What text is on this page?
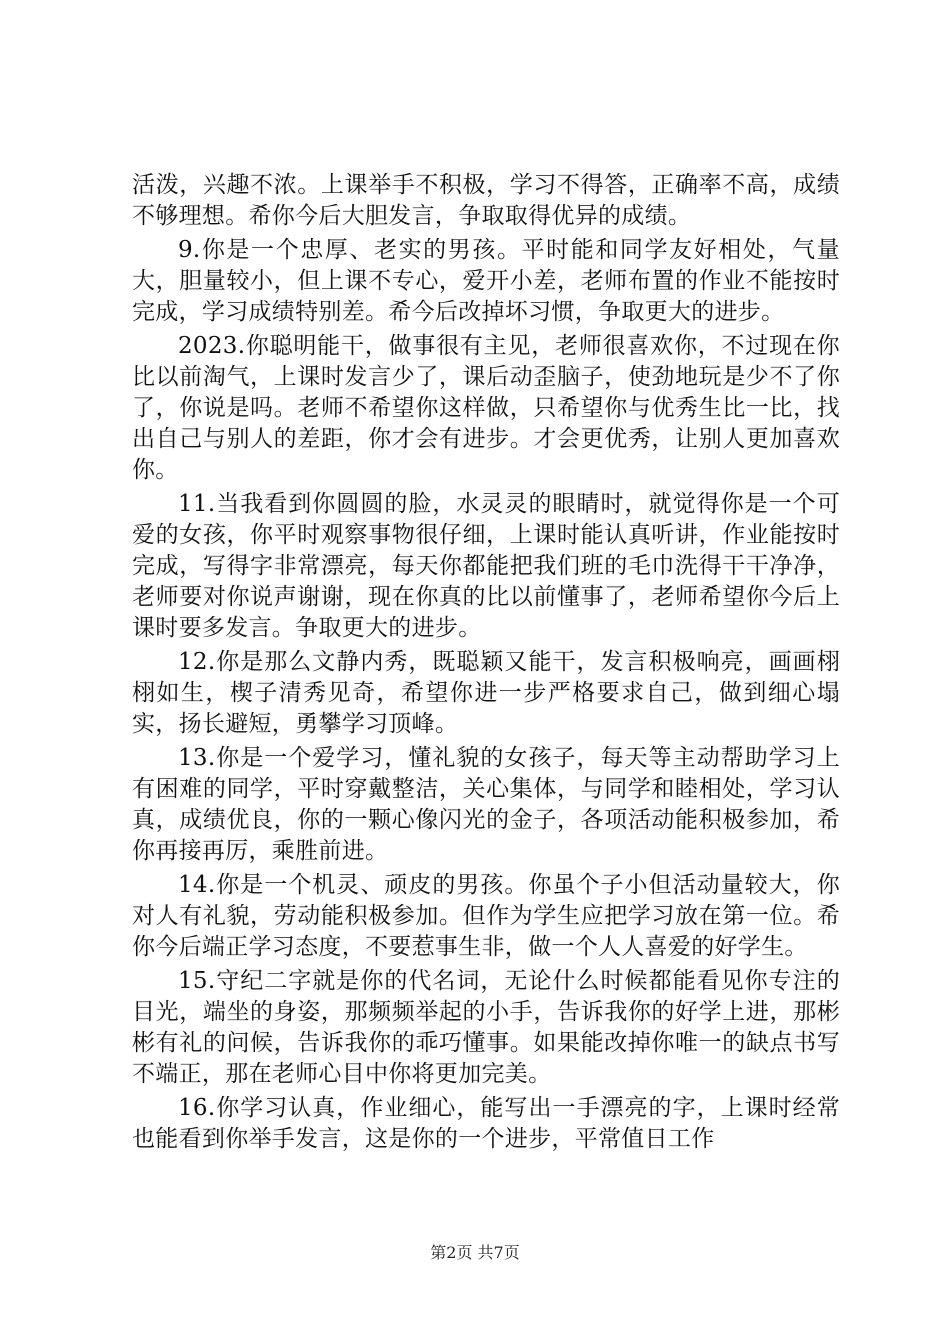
活泼，兴趣不浓。上课举手不积极，学习不得答，正确率不高，成绩不够理想。希你今后大胆发言，争取取得优异的成绩。

9.你是一个忠厚、老实的男孩。平时能和同学友好相处，气量大，胆量较小，但上课不专心，爱开小差，老师布置的作业不能按时完成，学习成绩特别差。希今后改掉坏习惯，争取更大的进步。

2023.你聪明能干，做事很有主见，老师很喜欢你，不过现在你比以前淘气，上课时发言少了，课后动歪脑子，使劲地玩是少不了你了，你说是吗。老师不希望你这样做，只希望你与优秀生比一比，找出自己与别人的差距，你才会有进步。才会更优秀，让别人更加喜欢你。

11.当我看到你圆圆的脸，水灵灵的眼睛时，就觉得你是一个可爱的女孩，你平时观察事物很仔细，上课时能认真听讲，作业能按时完成，写得字非常漂亮，每天你都能把我们班的毛巾洗得干干净净，老师要对你说声谢谢，现在你真的比以前懂事了，老师希望你今后上课时要多发言。争取更大的进步。

12.你是那么文静内秀，既聪颖又能干，发言积极响亮，画画栩栩如生，楔子清秀见奇，希望你进一步严格要求自己，做到细心塌实，扬长避短，勇攀学习顶峰。

13.你是一个爱学习，懂礼貌的女孩子，每天等主动帮助学习上有困难的同学，平时穿戴整洁，关心集体，与同学和睦相处，学习认真，成绩优良，你的一颗心像闪光的金子，各项活动能积极参加，希你再接再厉，乘胜前进。

14.你是一个机灵、顽皮的男孩。你虽个子小但活动量较大，你对人有礼貌，劳动能积极参加。但作为学生应把学习放在第一位。希你今后端正学习态度，不要惹事生非，做一个人人喜爱的好学生。

15.守纪二字就是你的代名词，无论什么时候都能看见你专注的目光，端坐的身姿，那频频举起的小手，告诉我你的好学上进，那彬彬有礼的问候，告诉我你的乖巧懂事。如果能改掉你唯一的缺点书写不端正，那在老师心目中你将更加完美。

16.你学习认真，作业细心，能写出一手漂亮的字，上课时经常也能看到你举手发言，这是你的一个进步，平常值日工作

第2页 共7页
